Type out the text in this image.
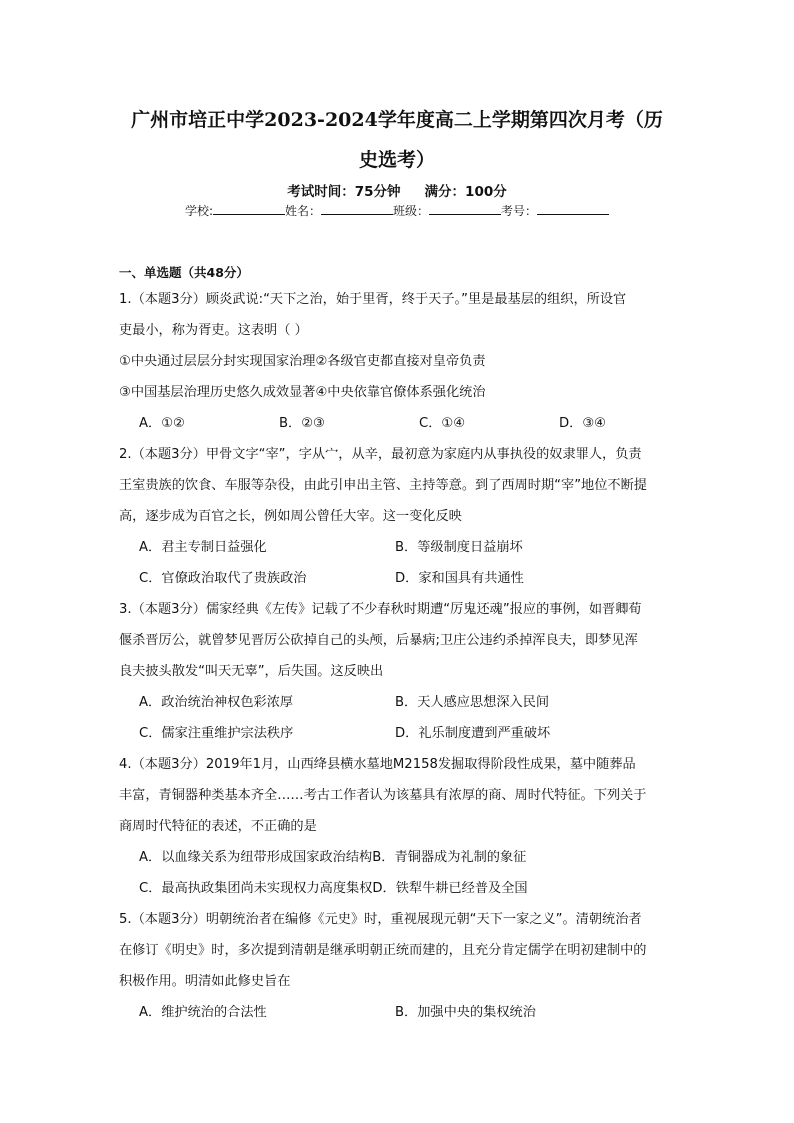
广州市培正中学2023-2024学年度高二上学期第四次月考（历
史选考）
考试时间：75分钟 满分：100分
学校:	姓名：	班级：	考号：
一、单选题（共48分）
1.（本题3分）顾炎武说:“天下之治，始于里胥，终于天子。”里是最基层的组织，所设官
吏最小，称为胥吏。这表明（ ）
①中央通过层层分封实现国家治理②各级官吏都直接对皇帝负责
③中国基层治理历史悠久成效显著④中央依靠官僚体系强化统治
A．①②	B．②③	C．①④	D．③④
2.（本题3分）甲骨文字“宰”，字从宀，从辛，最初意为家庭内从事执役的奴隶罪人，负责
王室贵族的饮食、车服等杂役，由此引申出主管、主持等意。到了西周时期“宰”地位不断提
高，逐步成为百官之长，例如周公曾任大宰。这一变化反映
A．君主专制日益强化	B．等级制度日益崩坏
C．官僚政治取代了贵族政治	D．家和国具有共通性
3.（本题3分）儒家经典《左传》记载了不少春秋时期遭“厉鬼还魂”报应的事例，如晋卿荀
偃杀晋厉公，就曾梦见晋厉公砍掉自己的头颅，后暴病;卫庄公违约杀掉浑良夫，即梦见浑
良夫披头散发“叫天无辜”，后失国。这反映出
A．政治统治神权色彩浓厚	B．天人感应思想深入民间
C．儒家注重维护宗法秩序	D．礼乐制度遭到严重破坏
4.（本题3分）2019年1月，山西绛县横水墓地M2158发掘取得阶段性成果，墓中随葬品
丰富，青铜器种类基本齐全……考古工作者认为该墓具有浓厚的商、周时代特征。下列关于
商周时代特征的表述，不正确的是
A．以血缘关系为纽带形成国家政治结构B．青铜器成为礼制的象征
C．最高执政集团尚未实现权力高度集权D．铁犁牛耕已经普及全国
5.（本题3分）明朝统治者在编修《元史》时，重视展现元朝“天下一家之义”。清朝统治者
在修订《明史》时，多次提到清朝是继承明朝正统而建的，且充分肯定儒学在明初建制中的
积极作用。明清如此修史旨在
A．维护统治的合法性	B．加强中央的集权统治
